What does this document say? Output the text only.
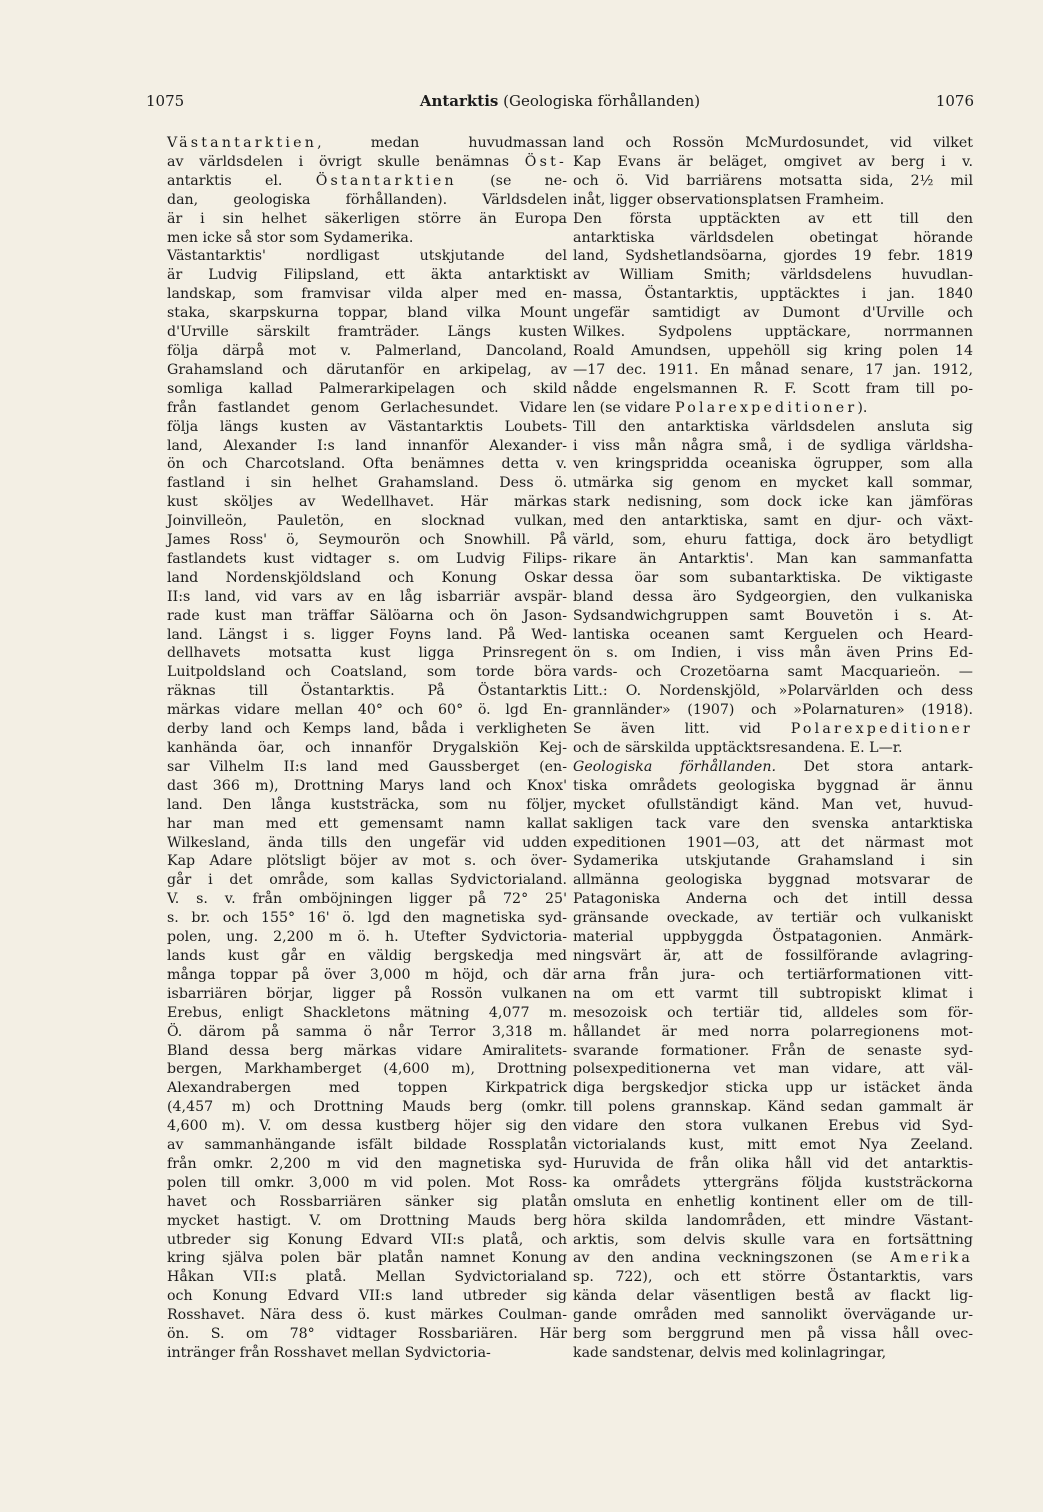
1075	Antarktis (Geologiska förhållanden)	1076

Västantarktien, medan huvudmassan

av världsdelen i övrigt skulle benämnas Öst-

antarktis el. Östantarktien (se ne-

dan, geologiska förhållanden). Världsdelen

är i sin helhet säkerligen större än Europa

men icke så stor som Sydamerika.

Västantarktis' nordligast utskjutande del

är Ludvig Filipsland, ett äkta antarktiskt

landskap, som framvisar vilda alper med en-

staka, skarpskurna toppar, bland vilka Mount

d'Urville särskilt framträder. Längs kusten

följa därpå mot v. Palmerland, Dancoland,

Grahamsland och därutanför en arkipelag, av

somliga kallad Palmerarkipelagen och skild

från fastlandet genom Gerlachesundet. Vidare

följa längs kusten av Västantarktis Loubets-

land, Alexander I:s land innanför Alexander-

ön och Charcotsland. Ofta benämnes detta v.

fastland i sin helhet Grahamsland. Dess ö.

kust sköljes av Wedellhavet. Här märkas

Joinvilleön, Pauletön, en slocknad vulkan,

James Ross' ö, Seymourön och Snowhill. På

fastlandets kust vidtager s. om Ludvig Filips-

land Nordenskjöldsland och Konung Oskar

II:s land, vid vars av en låg isbarriär avspär-

rade kust man träffar Sälöarna och ön Jason-

land. Längst i s. ligger Foyns land. På Wed-

dellhavets motsatta kust ligga Prinsregent

Luitpoldsland och Coatsland, som torde böra

räknas till Östantarktis. På Östantarktis

märkas vidare mellan 40° och 60° ö. lgd En-

derby land och Kemps land, båda i verkligheten

kanhända öar, och innanför Drygalskiön Kej-

sar Vilhelm II:s land med Gaussberget (en-

dast 366 m), Drottning Marys land och Knox'

land. Den långa kuststräcka, som nu följer,

har man med ett gemensamt namn kallat

Wilkesland, ända tills den ungefär vid udden

Kap Adare plötsligt böjer av mot s. och över-

går i det område, som kallas Sydvictorialand.

V. s. v. från omböjningen ligger på 72° 25'

s. br. och 155° 16' ö. lgd den magnetiska syd-

polen, ung. 2,200 m ö. h. Utefter Sydvictoria-

lands kust går en väldig bergskedja med

många toppar på över 3,000 m höjd, och där

isbarriären börjar, ligger på Rossön vulkanen

Erebus, enligt Shackletons mätning 4,077 m.

Ö. därom på samma ö når Terror 3,318 m.

Bland dessa berg märkas vidare Amiralitets-

bergen, Markhamberget (4,600 m), Drottning

Alexandrabergen med toppen Kirkpatrick

(4,457 m) och Drottning Mauds berg (omkr.

4,600 m). V. om dessa kustberg höjer sig den

av sammanhängande isfält bildade Rossplatån

från omkr. 2,200 m vid den magnetiska syd-

polen till omkr. 3,000 m vid polen. Mot Ross-

havet och Rossbarriären sänker sig platån

mycket hastigt. V. om Drottning Mauds berg

utbreder sig Konung Edvard VII:s platå, och

kring själva polen bär platån namnet Konung

Håkan VII:s platå. Mellan Sydvictorialand

och Konung Edvard VII:s land utbreder sig

Rosshavet. Nära dess ö. kust märkes Coulman-

ön. S. om 78° vidtager Rossbariären. Här

intränger från Rosshavet mellan Sydvictoria-

land och Rossön McMurdosundet, vid vilket

Kap Evans är beläget, omgivet av berg i v.

och ö. Vid barriärens motsatta sida, 2½ mil

inåt, ligger observationsplatsen Framheim.

Den första upptäckten av ett till den

antarktiska världsdelen obetingat hörande

land, Sydshetlandsöarna, gjordes 19 febr. 1819

av William Smith; världsdelens huvudlan-

massa, Östantarktis, upptäcktes i jan. 1840

ungefär samtidigt av Dumont d'Urville och

Wilkes. Sydpolens upptäckare, norrmannen

Roald Amundsen, uppehöll sig kring polen 14

—17 dec. 1911. En månad senare, 17 jan. 1912,

nådde engelsmannen R. F. Scott fram till po-

len (se vidare Polarexpeditioner).

Till den antarktiska världsdelen ansluta sig

i viss mån några små, i de sydliga världsha-

ven kringspridda oceaniska ögrupper, som alla

utmärka sig genom en mycket kall sommar,

stark nedisning, som dock icke kan jämföras

med den antarktiska, samt en djur- och växt-

värld, som, ehuru fattiga, dock äro betydligt

rikare än Antarktis'. Man kan sammanfatta

dessa öar som subantarktiska. De viktigaste

bland dessa äro Sydgeorgien, den vulkaniska

Sydsandwichgruppen samt Bouvetön i s. At-

lantiska oceanen samt Kerguelen och Heard-

ön s. om Indien, i viss mån även Prins Ed-

vards- och Crozetöarna samt Macquarieön. —

Litt.: O. Nordenskjöld, »Polarvärlden och dess

grannländer» (1907) och »Polarnaturen» (1918).

Se även litt. vid Polarexpeditioner

och de särskilda upptäcktsresandena. E. L—r.

Geologiska förhållanden. Det stora antark-

tiska områdets geologiska byggnad är ännu

mycket ofullständigt känd. Man vet, huvud-

sakligen tack vare den svenska antarktiska

expeditionen 1901—03, att det närmast mot

Sydamerika utskjutande Grahamsland i sin

allmänna geologiska byggnad motsvarar de

Patagoniska Anderna och det intill dessa

gränsande oveckade, av tertiär och vulkaniskt

material uppbyggda Östpatagonien. Anmärk-

ningsvärt är, att de fossilförande avlagring-

arna från jura- och tertiärformationen vitt-

na om ett varmt till subtropiskt klimat i

mesozoisk och tertiär tid, alldeles som för-

hållandet är med norra polarregionens mot-

svarande formationer. Från de senaste syd-

polsexpeditionerna vet man vidare, att väl-

diga bergskedjor sticka upp ur istäcket ända

till polens grannskap. Känd sedan gammalt är

vidare den stora vulkanen Erebus vid Syd-

victorialands kust, mitt emot Nya Zeeland.

Huruvida de från olika håll vid det antarktis-

ka områdets yttergräns följda kuststräckorna

omsluta en enhetlig kontinent eller om de till-

höra skilda landområden, ett mindre Västant-

arktis, som delvis skulle vara en fortsättning

av den andina veckningszonen (se Amerika

sp. 722), och ett större Östantarktis, vars

kända delar väsentligen bestå av flackt lig-

gande områden med sannolikt övervägande ur-

berg som berggrund men på vissa håll ovec-

kade sandstenar, delvis med kolinlagringar,
